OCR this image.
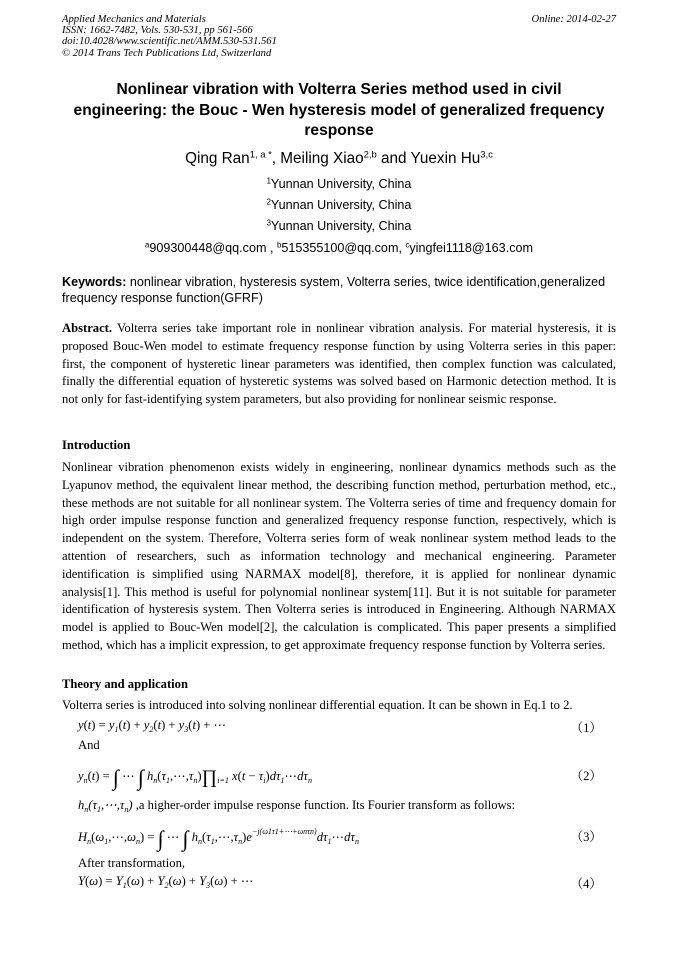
Applied Mechanics and Materials
ISSN: 1662-7482, Vols. 530-531, pp 561-566
doi:10.4028/www.scientific.net/AMM.530-531.561
© 2014 Trans Tech Publications Ltd, Switzerland
Online: 2014-02-27
Nonlinear vibration with Volterra Series method used in civil
engineering: the Bouc - Wen hysteresis model of generalized frequency
response
Qing Ran$^{1, a *}$, Meiling Xiao$^{2,b}$ and Yuexin Hu$^{3,c}$
$^1$Yunnan University, China
$^2$Yunnan University, China
$^3$Yunnan University, China
$^a$909300448@qq.com , $^b$515355100@qq.com, $^c$yingfei1118@163.com
Keywords: nonlinear vibration, hysteresis system, Volterra series, twice identification,generalized frequency response function(GFRF)
Abstract. Volterra series take important role in nonlinear vibration analysis. For material hysteresis, it is proposed Bouc-Wen model to estimate frequency response function by using Volterra series in this paper: first, the component of hysteretic linear parameters was identified, then complex function was calculated, finally the differential equation of hysteretic systems was solved based on Harmonic detection method. It is not only for fast-identifying system parameters, but also providing for nonlinear seismic response.
Introduction
Nonlinear vibration phenomenon exists widely in engineering, nonlinear dynamics methods such as the Lyapunov method, the equivalent linear method, the describing function method, perturbation method, etc., these methods are not suitable for all nonlinear system. The Volterra series of time and frequency domain for high order impulse response function and generalized frequency response function, respectively, which is independent on the system. Therefore, Volterra series form of weak nonlinear system method leads to the attention of researchers, such as information technology and mechanical engineering. Parameter identification is simplified using NARMAX model[8], therefore, it is applied for nonlinear dynamic analysis[1]. This method is useful for polynomial nonlinear system[11]. But it is not suitable for parameter identification of hysteresis system. Then Volterra series is introduced in Engineering. Although NARMAX model is applied to Bouc-Wen model[2], the calculation is complicated. This paper presents a simplified method, which has a implicit expression, to get approximate frequency response function by Volterra series.
Theory and application
Volterra series is introduced into solving nonlinear differential equation. It can be shown in Eq.1 to 2.
$y(t) = y_1(t) + y_2(t) + y_3(t)$ + ⋯	（1）
And
$y_n(t)$ = ∫ ⋯ ∫ $h_n(\tau_1,\cdots,\tau_n)\prod_{i=1}$ $x(t - \tau_i)d\tau_1\cdots d\tau_n$	（2）
$h_n(\tau_1,\cdots,\tau_n)$ ,a higher-order impulse response function. Its Fourier transform as follows:
$H_n(\omega_1,\cdots,\omega_n)$ = ∫ ⋯ ∫ $h_n(\tau_1,\cdots,\tau_n)e^{-j(\omega 1\tau 1+\cdots+\omega n\tau n)}d\tau_1\cdots d\tau_n$	（3）
After transformation,
$Y(\omega) = Y_1(\omega) + Y_2(\omega) + Y_3(\omega)$ + ⋯	（4）
